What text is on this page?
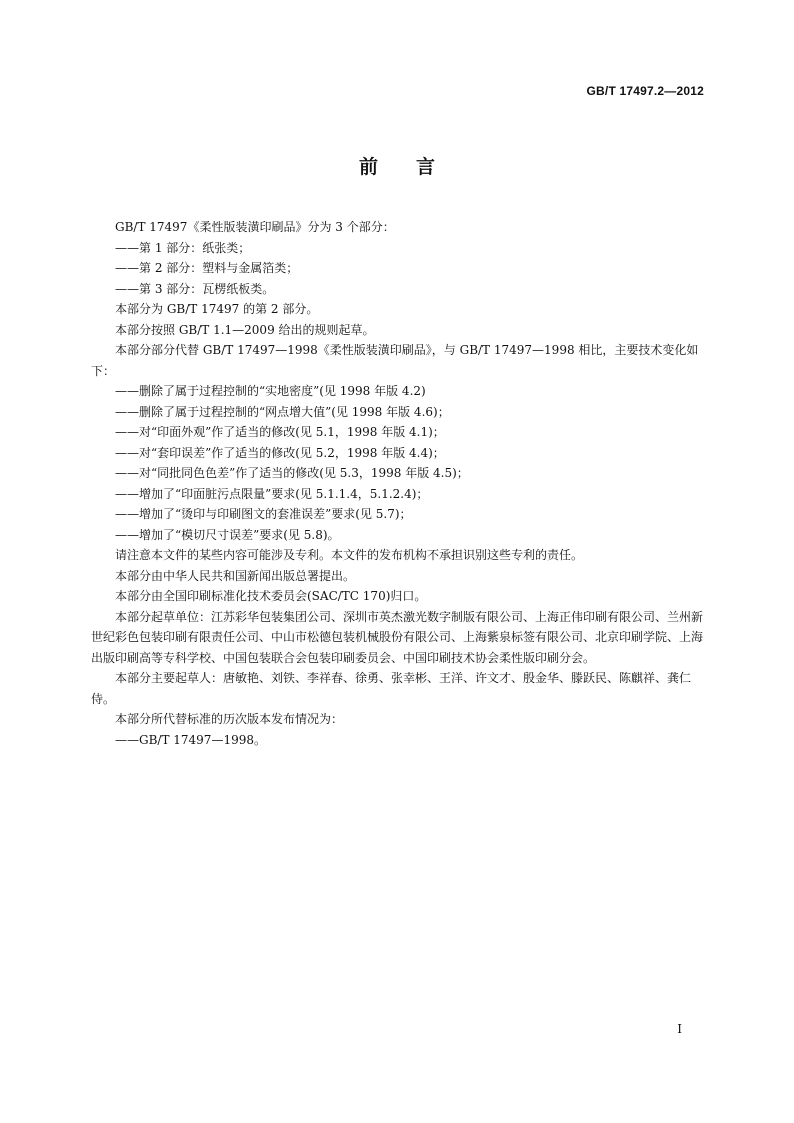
GB/T 17497.2—2012
前言

GB/T 17497《柔性版装潢印刷品》分为 3 个部分：

——第 1 部分：纸张类；

——第 2 部分：塑料与金属箔类；

——第 3 部分：瓦楞纸板类。

本部分为 GB/T 17497 的第 2 部分。

本部分按照 GB/T 1.1—2009 给出的规则起草。

本部分部分代替 GB/T 17497—1998《柔性版装潢印刷品》，与 GB/T 17497—1998 相比，主要技术变化如下：

——删除了属于过程控制的“实地密度”(见 1998 年版 4.2)

——删除了属于过程控制的“网点增大值”(见 1998 年版 4.6)；

——对“印面外观”作了适当的修改(见 5.1，1998 年版 4.1)；

——对“套印误差”作了适当的修改(见 5.2，1998 年版 4.4)；

——对“同批同色色差”作了适当的修改(见 5.3，1998 年版 4.5)；

——增加了“印面脏污点限量”要求(见 5.1.1.4，5.1.2.4)；

——增加了“烫印与印刷图文的套准误差”要求(见 5.7)；

——增加了“模切尺寸误差”要求(见 5.8)。

请注意本文件的某些内容可能涉及专利。本文件的发布机构不承担识别这些专利的责任。

本部分由中华人民共和国新闻出版总署提出。

本部分由全国印刷标准化技术委员会(SAC/TC 170)归口。

本部分起草单位：江苏彩华包装集团公司、深圳市英杰激光数字制版有限公司、上海正伟印刷有限公司、兰州新世纪彩色包装印刷有限责任公司、中山市松德包装机械股份有限公司、上海紫泉标签有限公司、北京印刷学院、上海出版印刷高等专科学校、中国包装联合会包装印刷委员会、中国印刷技术协会柔性版印刷分会。

本部分主要起草人：唐敏艳、刘铁、李祥春、徐勇、张幸彬、王洋、许文才、殷金华、滕跃民、陈麒祥、龚仁侍。

本部分所代替标准的历次版本发布情况为：

——GB/T 17497—1998。

I
